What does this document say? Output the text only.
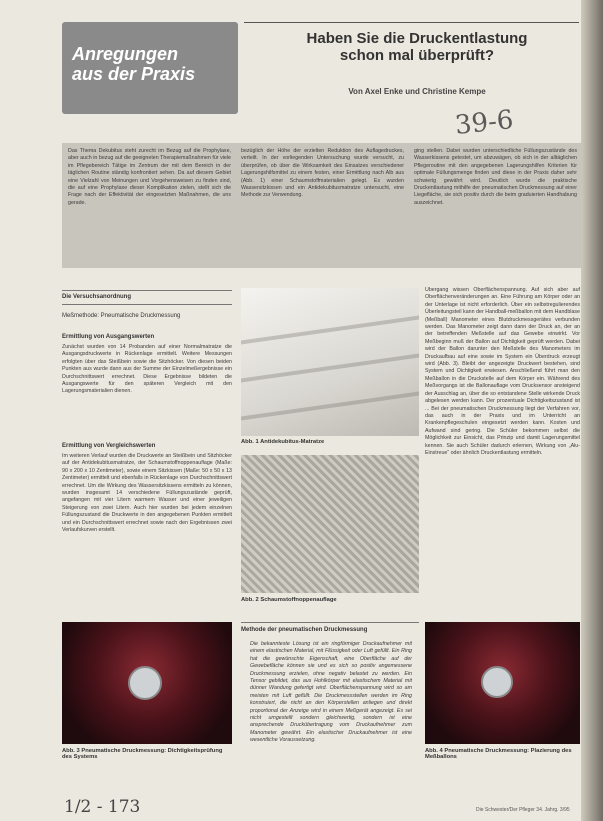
Anregungen
aus der Praxis
Haben Sie die Druckentlastung
schon mal überprüft?
Von Axel Enke und Christine Kempe
39-6
Das Thema Dekubitus steht zurecht im Bezug auf die Prophylaxe, aber auch in bezug auf die geeigneten Therapiemaßnahmen für viele im Pflegebereich Tätige im Zentrum der mit dem Bereich in der täglichen Routine ständig konfrontiert sehen. Da auf diesem Gebiet eine Vielzahl von Meinungen und Vorgehensweisen zu finden sind, die auf eine Prophylaxe dieser Komplikation zielen, stellt sich die Frage nach der Effektivität der eingesetzten Maßnahmen, die uns gerade.
bezüglich der Höhe der erzielten Reduktion des Auflagedruckes, verteilt. In der vorliegenden Untersuchung wurde versucht, zu überprüfen, ob über die Wirksamkeit des Einsatzes verschiedener Lagerungshilfsmittel zu einem festen, einer Ermittlung nach Alb aus (Abb. 1) einer Schaumstoffmaterialien gelegt. Es wurden Wassersitzkissen und ein Antidekubitusmatratze untersucht, eine Methode zur Verwendung.
ging stellen. Dabei wurden unterschiedliche Füllungszustände des Wasserkissens getestet, um abzuwägen, ob sich in der alltäglichen Pflegeroutine mit den angegebenen Lagerungshilfen Kriterien für optimale Füllungsmenge finden und diese in der Praxis daher sehr schwierig gewährt wird. Deutlich wurde die praktische Druckentlastung mithilfe der pneumatischen Druckmessung auf einer Liegefläche, sie sich positiv durch die beim graduierten Handhabung auszeichnet.
Die Versuchsanordnung
Meßmethode: Pneumatische Druckmessung
Ermittlung von Ausgangswerten
Zunächst wurden von 14 Probanden auf einer Normalmatratze die Ausgangsdruckwerte in Rückenlage ermittelt. Weitere Messungen erfolgten über das Steißbein sowie die Sitzhöcker. Von diesen beiden Punkten aus wurde dann aus der Summe der Einzelmeßergebnisse ein Durchschnittswert errechnet. Diese Ergebnisse bildeten die Ausgangswerte für den späteren Vergleich mit den Lagerungsmaterialien dienen.
Ermittlung von Vergleichswerten
Im weiteren Verlauf wurden die Druckwerte an Steißbein und Sitzhöcker auf der Antidekubitusmatratze, der Schaumstoffnoppenauflage (Maße: 90 x 200 x 10 Zentimeter), sowie einem Sitzkissen (Maße: 50 x 50 x 13 Zentimeter) ermittelt und ebenfalls in Rückenlage von Durchschnittswert errechnet. Um die Wirkung des Wassersitzkissens ermitteln zu können, wurden insgesamt 14 verschiedene Füllungszustände geprüft, angefangen mit vier Litern warmem Wasser und einer jeweiligen Steigerung von zwei Litern. Auch hier wurden bei jedem einzelnen Füllungszustand die Druckwerte in den angegebenen Punkten ermittelt und ein Durchschnittswert errechnet sowie nach den Ergebnissen zwei Verlaufskurven erstellt.
Abb. 1 Antidekubitus-Matratze
Abb. 2 Schaumstoffnoppenauflage
Übergang wissen Oberflächenspannung. Auf sich aber auf Oberflächenveränderungen an. Eine Führung am Körper oder an der Unterlage ist nicht erforderlich. Über ein selbstregulierendes Überleitungsteil kann der Handball-meßballon mit dem Handblase (Meßball) Manometer eines Blutdruckmessgerätes verbunden werden. Das Manometer zeigt dann dann der Druck an, der an der betreffenden Meßstelle auf das Gewebe einwirkt. Vor Meßbeginn muß der Ballon auf Dichtigkeit geprüft werden. Dabei wird der Ballon darunter den Meßstelle des Manometers im Druckaufbau auf eine sowie im System ein Überdruck erzeugt wird (Abb. 3). Bleibt der angezeigte Druckwert bestehen, sind System und Dichtigkeit erwiesen. Anschließend führt man den Meßballon in die Druckstelle auf dem Körper ein. Während des Meßvorgangs ist die Ballonauflage vom Drucksensor ansteigend der Ausschlag an, über die so entstandene Stelle wirkende Druck abgelesen werden kann. Der prozentuale Dichtigkeitszustand ist ... Bei der pneumatischen Druckmessung liegt der Verfahren vor, das auch in der Praxis und im Unterricht an Krankenpflegeschulen eingesetzt werden kann. Kosten und Aufwand sind gering. Die Schüler bekommen selbst die Möglichkeit zur Einsicht, das Prinzip und damit Lagerungsmittel kennen. Sie auch Schüler dadurch erlernen, Wirkung von „Alu-Einstreue“ oder ähnlich Druckentlastung ermitteln.
Methode der pneumatischen Druckmessung
Die bekannteste Lösung ist ein ringförmiger Druckaufnehmer mit einem elastischen Material, mit Flüssigkeit oder Luft gefüllt. Ein Ring hat die gewünschte Eigenschaft, eine Oberfläche auf der Gewebefläche können sie und es sich so positiv angemessene Druckmessung erzielen, ohne negativ belastet zu werden. Ein Tensor gebildet, das aus Hohlkörper mit elastischem Material mit dünner Wandung gefertigt wird. Oberflächenspannung wird so am meisten mit Luft gefüllt. Die Druckmessstellen werden im Ring konstruiert, die nicht an den Körperstellen anliegen und direkt proportional der Anzeige wird in einem Meßgerät angezeigt. Es sei nicht umgestellt sondern gleichwertig, sondern ist eine ansprechende Druckübertragung vom Druckaufnehmer zum Manometer gewährt. Ein elastischer Druckaufnehmer ist eine wesentliche Voraussetzung.
Abb. 3 Pneumatische Druckmessung: Dichtigkeitsprüfung des Systems
Abb. 4 Pneumatische Druckmessung: Plazierung des Meßballons
1/2 - 173	Die Schwester/Der Pfleger 34. Jahrg. 3/95
